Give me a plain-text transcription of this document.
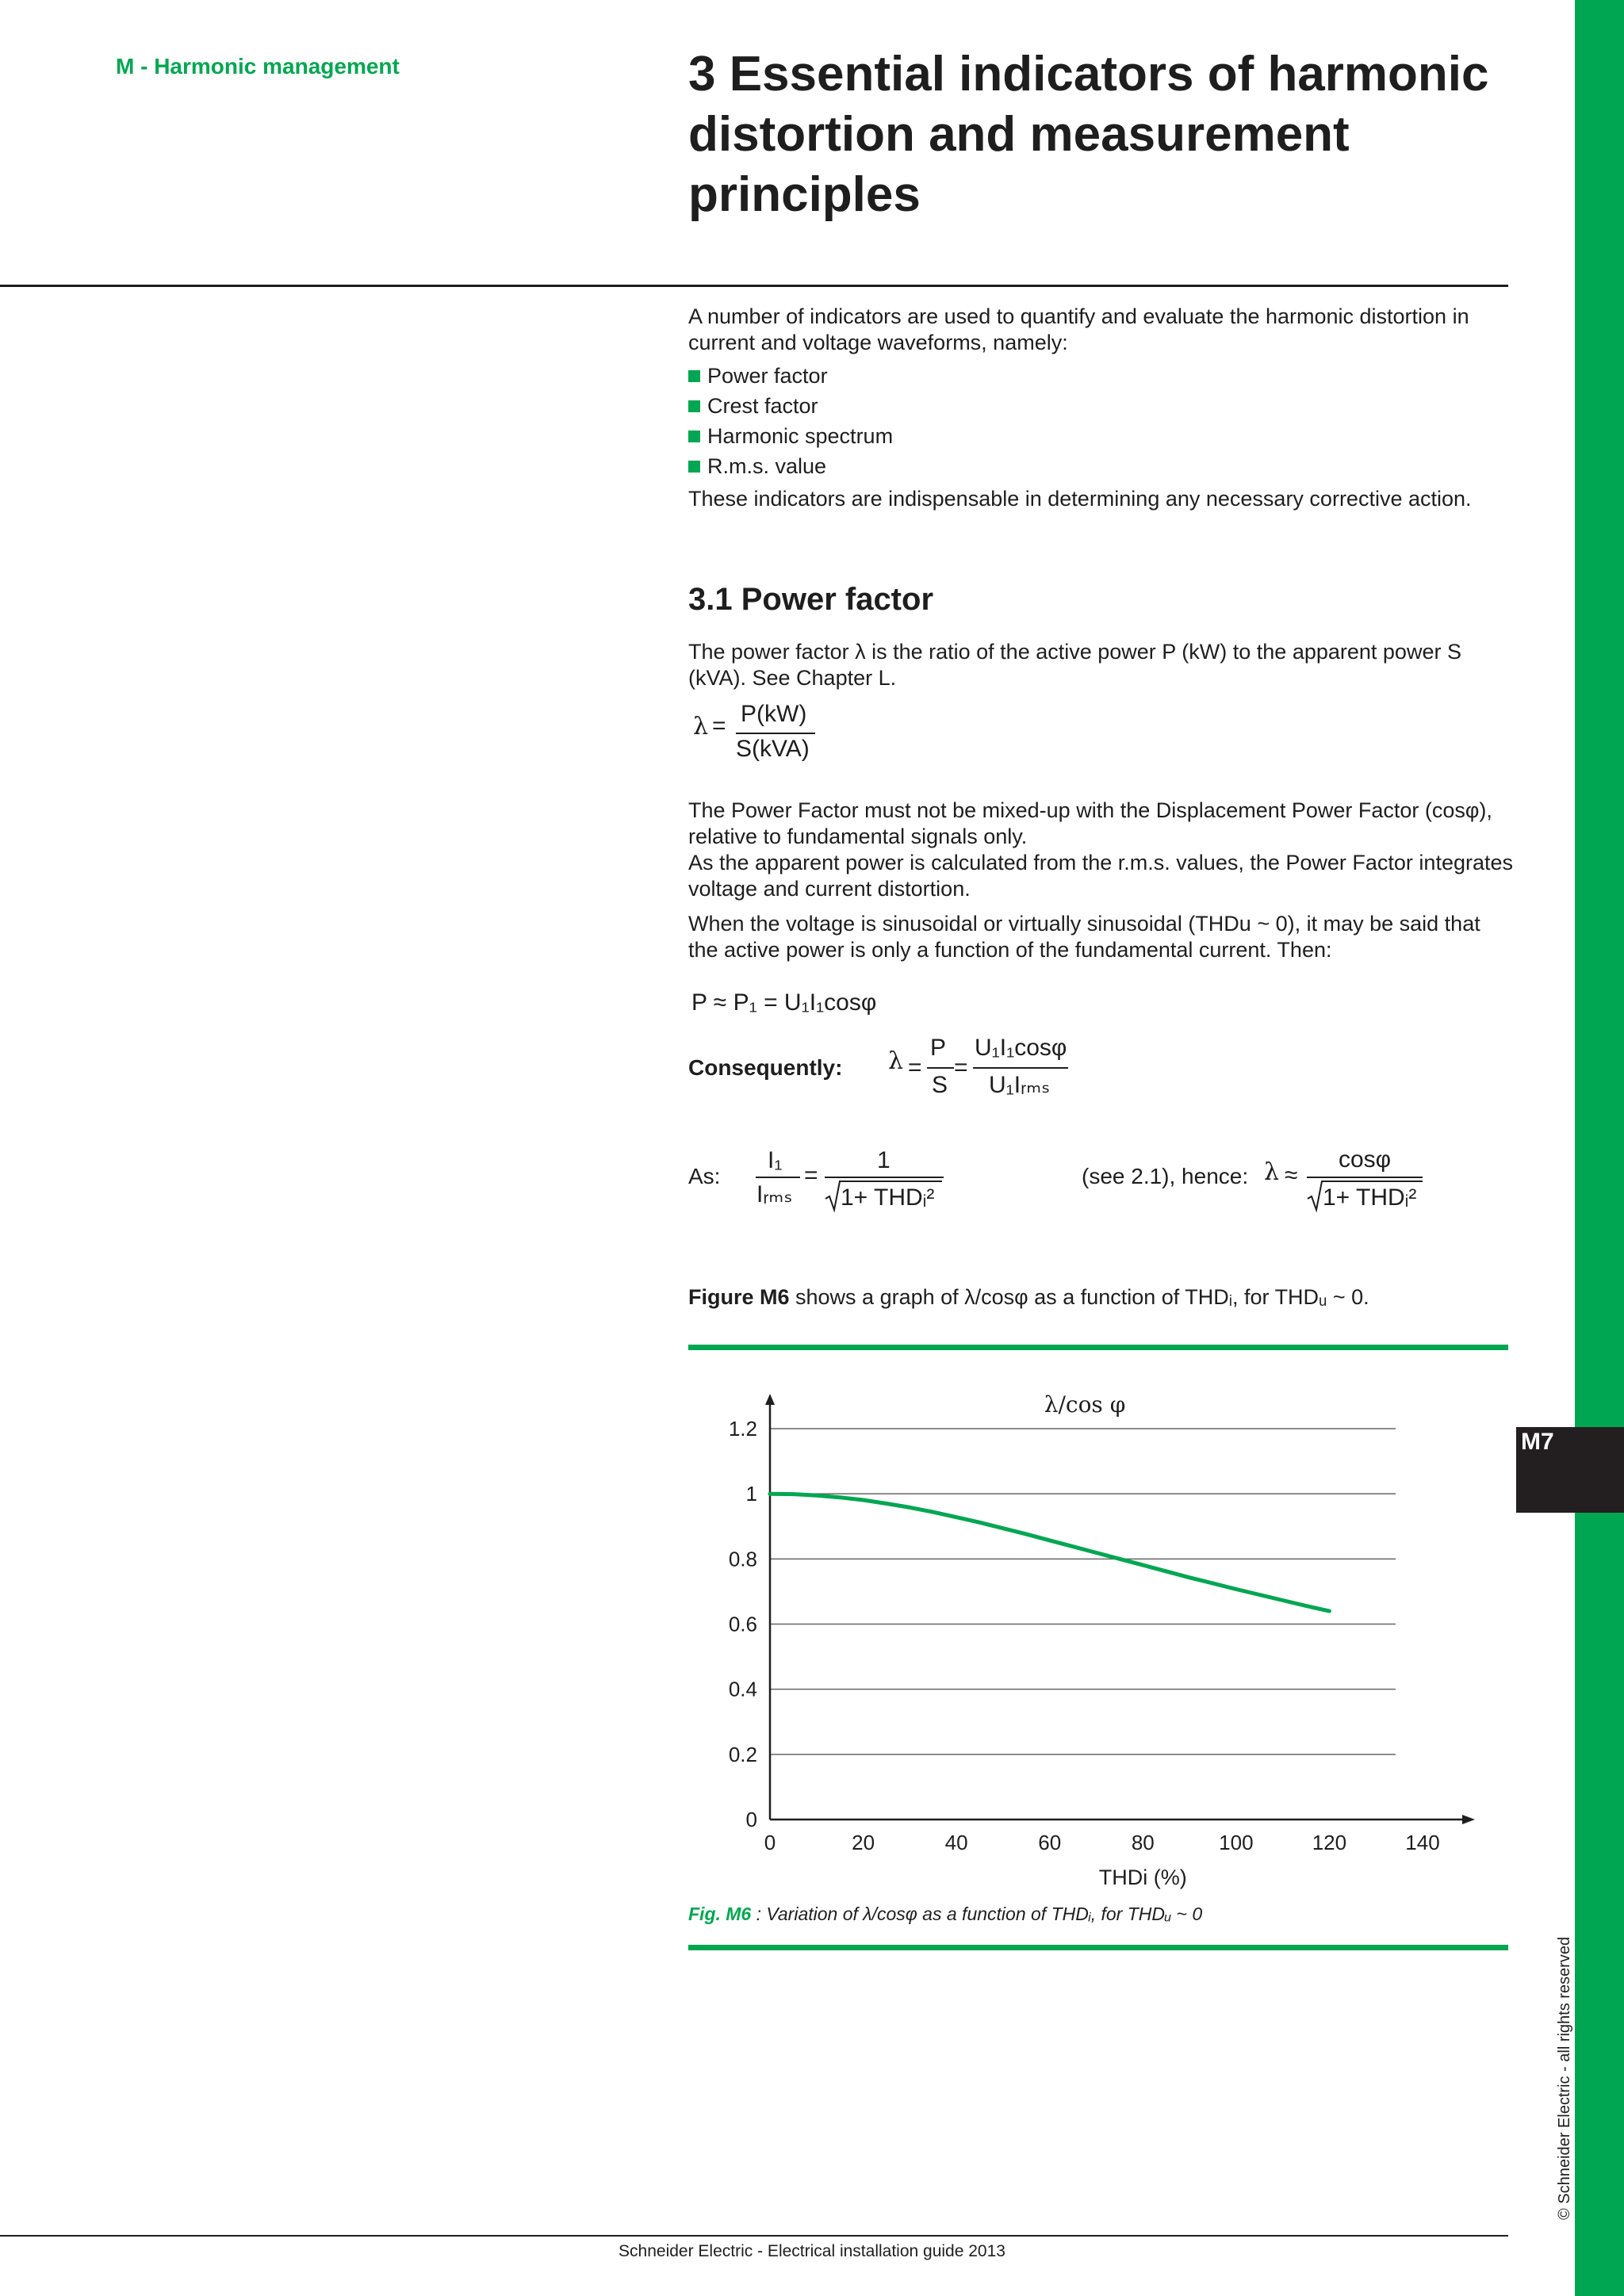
M7
© Schneider Electric - all rights reserved
M - Harmonic management	3 Essential indicators of harmonic distortion and measurement principles

A number of indicators are used to quantify and evaluate the harmonic distortion in current and voltage waveforms, namely:

Power factor
Crest factor
Harmonic spectrum
R.m.s. value

These indicators are indispensable in determining any necessary corrective action.

3.1 Power factor

The power factor λ is the ratio of the active power P (kW) to the apparent power S (kVA). See Chapter L.

λ = P(kW)
S(kVA)

The Power Factor must not be mixed-up with the Displacement Power Factor (cosφ), relative to fundamental signals only.

As the apparent power is calculated from the r.m.s. values, the Power Factor integrates voltage and current distortion.

When the voltage is sinusoidal or virtually sinusoidal (THDu ~ 0), it may be said that the active power is only a function of the fundamental current. Then:

P ≈ P₁ = U₁I₁cosφ
Consequently: λ =
P
S
=
U₁I₁cosφ
U₁Iᵣₘₛ
As:
I₁
Iᵣₘₛ
=
1
1+ THDᵢ²
(see 2.1), hence: λ ≈
cosφ
1+ THDᵢ²

Figure M6 shows a graph of λ/cosφ as a function of THDᵢ, for THDᵤ ~ 0.

0
0.2
0.4
0.6
0.8
1
1.2
0	20	40	60	80	100	120	140
THDi (%)
λ/cos φ
Fig. M6 : Variation of λ/cosφ as a function of THDᵢ, for THDᵤ ~ 0
Schneider Electric - Electrical installation guide 2013
